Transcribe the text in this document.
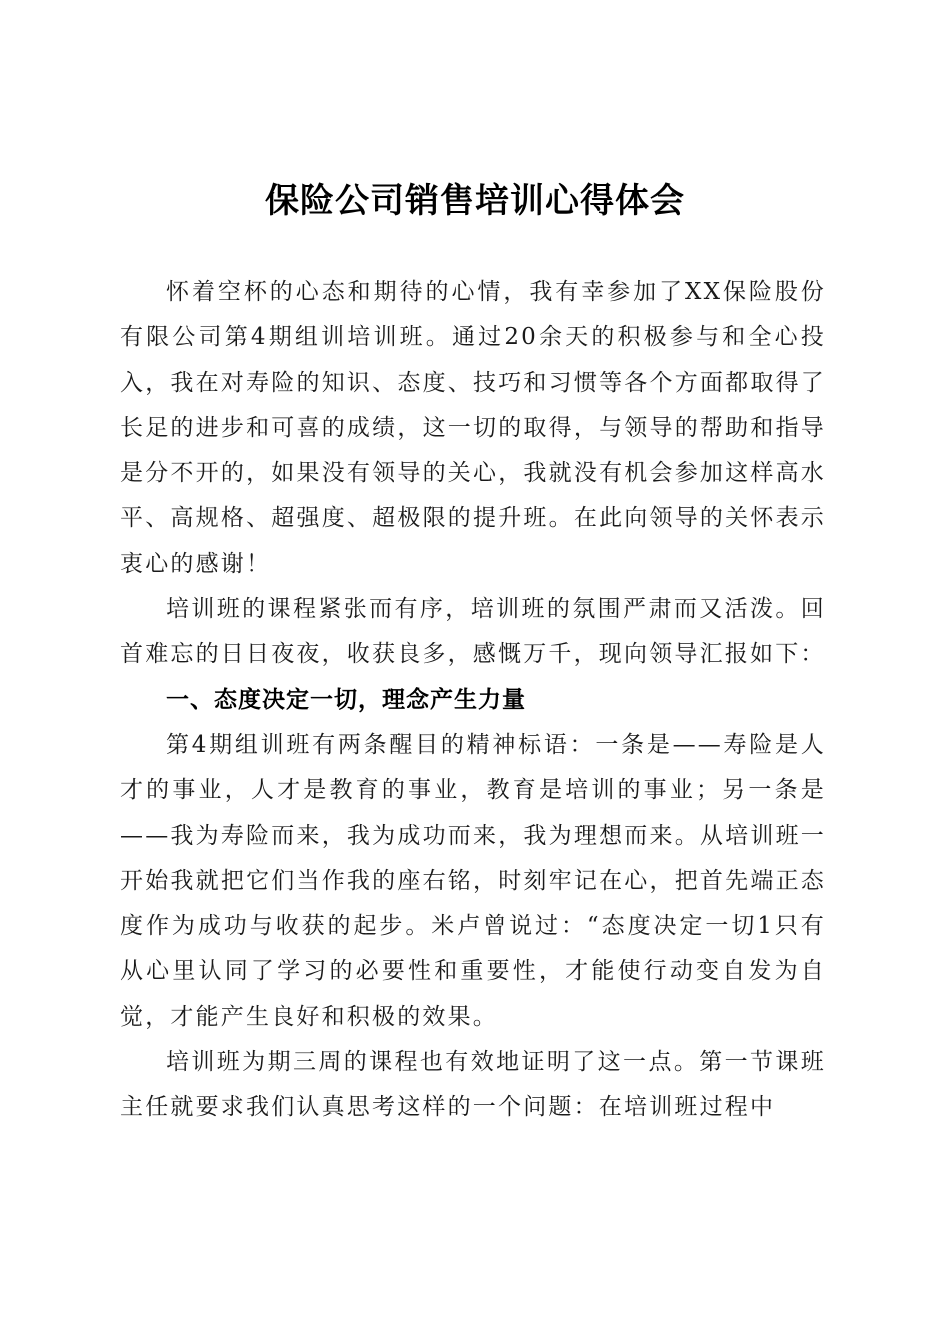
保险公司销售培训心得体会

怀着空杯的心态和期待的心情，我有幸参加了XX保险股份有限公司第4期组训培训班。通过20余天的积极参与和全心投入，我在对寿险的知识、态度、技巧和习惯等各个方面都取得了长足的进步和可喜的成绩，这一切的取得，与领导的帮助和指导是分不开的，如果没有领导的关心，我就没有机会参加这样高水平、高规格、超强度、超极限的提升班。在此向领导的关怀表示衷心的感谢！

培训班的课程紧张而有序，培训班的氛围严肃而又活泼。回首难忘的日日夜夜，收获良多，感慨万千，现向领导汇报如下：

一、态度决定一切，理念产生力量

第4期组训班有两条醒目的精神标语：一条是——寿险是人才的事业，人才是教育的事业，教育是培训的事业；另一条是——我为寿险而来，我为成功而来，我为理想而来。从培训班一开始我就把它们当作我的座右铭，时刻牢记在心，把首先端正态度作为成功与收获的起步。米卢曾说过：“态度决定一切1只有从心里认同了学习的必要性和重要性，才能使行动变自发为自觉，才能产生良好和积极的效果。

培训班为期三周的课程也有效地证明了这一点。第一节课班主任就要求我们认真思考这样的一个问题：在培训班过程中
